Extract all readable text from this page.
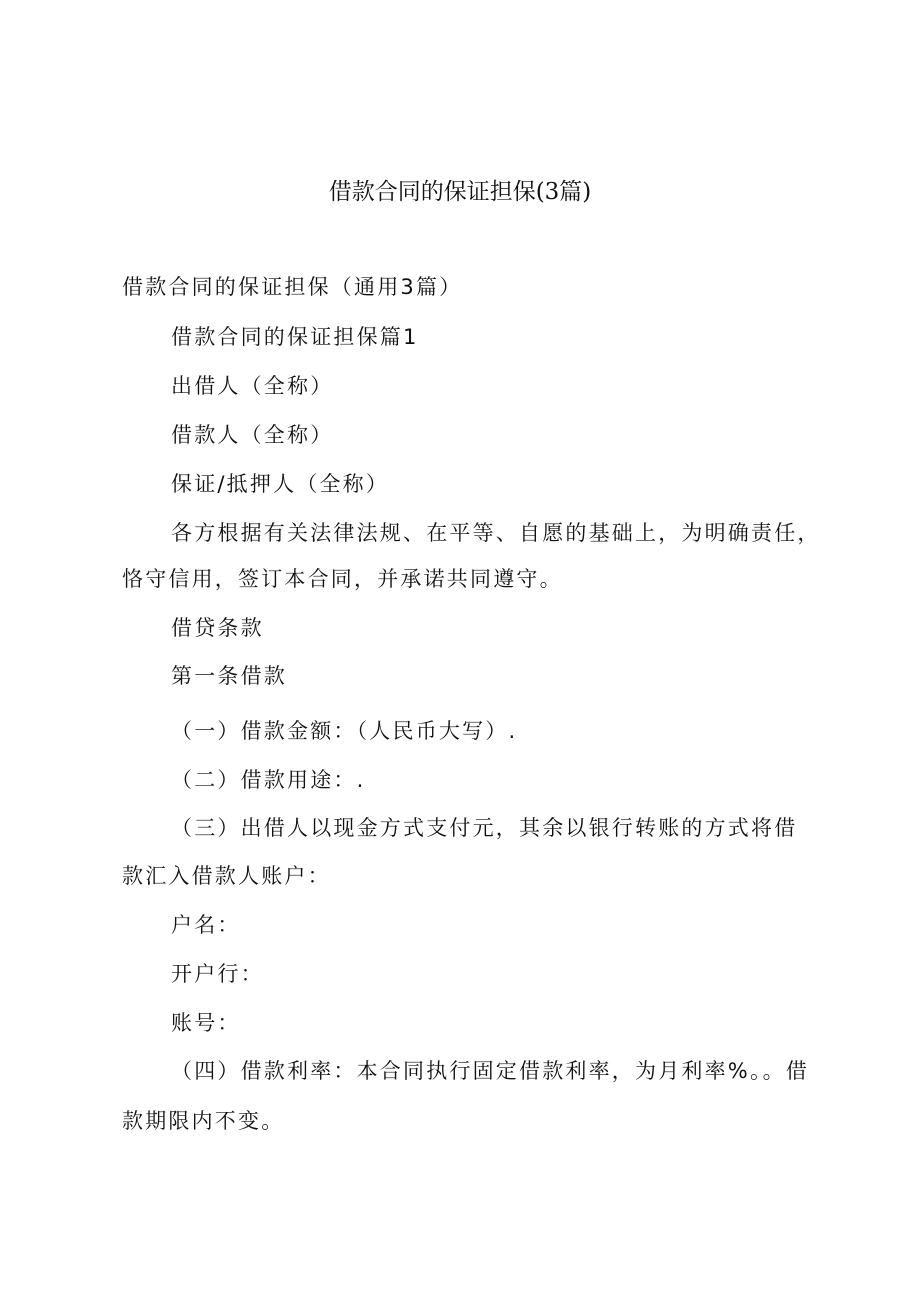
借款合同的保证担保(3篇)
借款合同的保证担保（通用3篇）
借款合同的保证担保篇1
出借人（全称）
借款人（全称）
保证/抵押人（全称）
各方根据有关法律法规、在平等、自愿的基础上，为明确责任，
恪守信用，签订本合同，并承诺共同遵守。
借贷条款
第一条借款
（一）借款金额：（人民币大写）.
（二）借款用途：.
（三）出借人以现金方式支付元，其余以银行转账的方式将借
款汇入借款人账户：
户名：
开户行：
账号：
（四）借款利率：本合同执行固定借款利率，为月利率%。。借
款期限内不变。
